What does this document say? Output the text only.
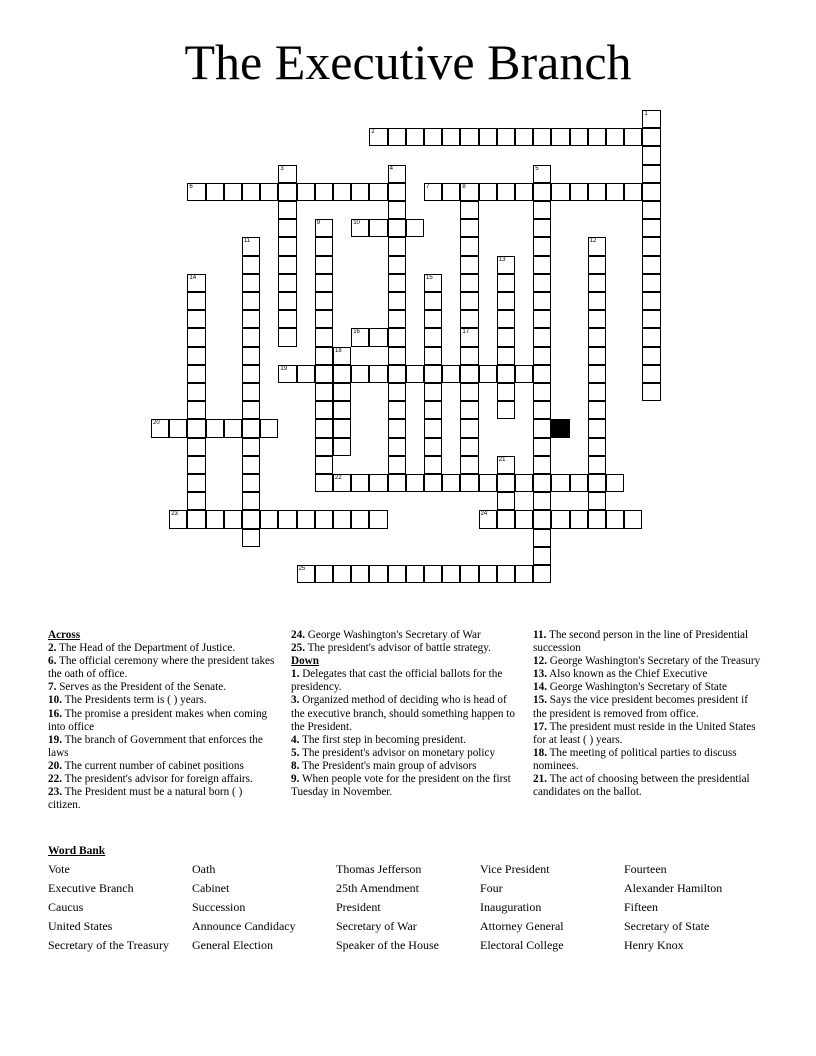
The Executive Branch
1
2
3	4	5
6	7	8
9	10
11	12
13
14	15
16	17
18
19
20
21
22
23	24
25
Across
2. The Head of the Department of Justice.
6. The official ceremony where the president takes the oath of office.
7. Serves as the President of the Senate.
10. The Presidents term is ( ) years.
16. The promise a president makes when coming into office
19. The branch of Government that enforces the laws
20. The current number of cabinet positions
22. The president's advisor for foreign affairs.
23. The President must be a natural born ( ) citizen.
24. George Washington's Secretary of War
25. The president's advisor of battle strategy.
Down
1. Delegates that cast the official ballots for the presidency.
3. Organized method of deciding who is head of the executive branch, should something happen to the President.
4. The first step in becoming president.
5. The president's advisor on monetary policy
8. The President's main group of advisors
9. When people vote for the president on the first Tuesday in November.
11. The second person in the line of Presidential succession
12. George Washington's Secretary of the Treasury
13. Also known as the Chief Executive
14. George Washington's Secretary of State
15. Says the vice president becomes president if the president is removed from office.
17. The president must reside in the United States for at least ( ) years.
18. The meeting of political parties to discuss nominees.
21. The act of choosing between the presidential candidates on the ballot.
Word Bank
Vote	Oath	Thomas Jefferson	Vice President	Fourteen
Executive Branch	Cabinet	25th Amendment	Four	Alexander Hamilton
Caucus	Succession	President	Inauguration	Fifteen
United States	Announce Candidacy	Secretary of War	Attorney General	Secretary of State
Secretary of the Treasury	General Election	Speaker of the House	Electoral College	Henry Knox
